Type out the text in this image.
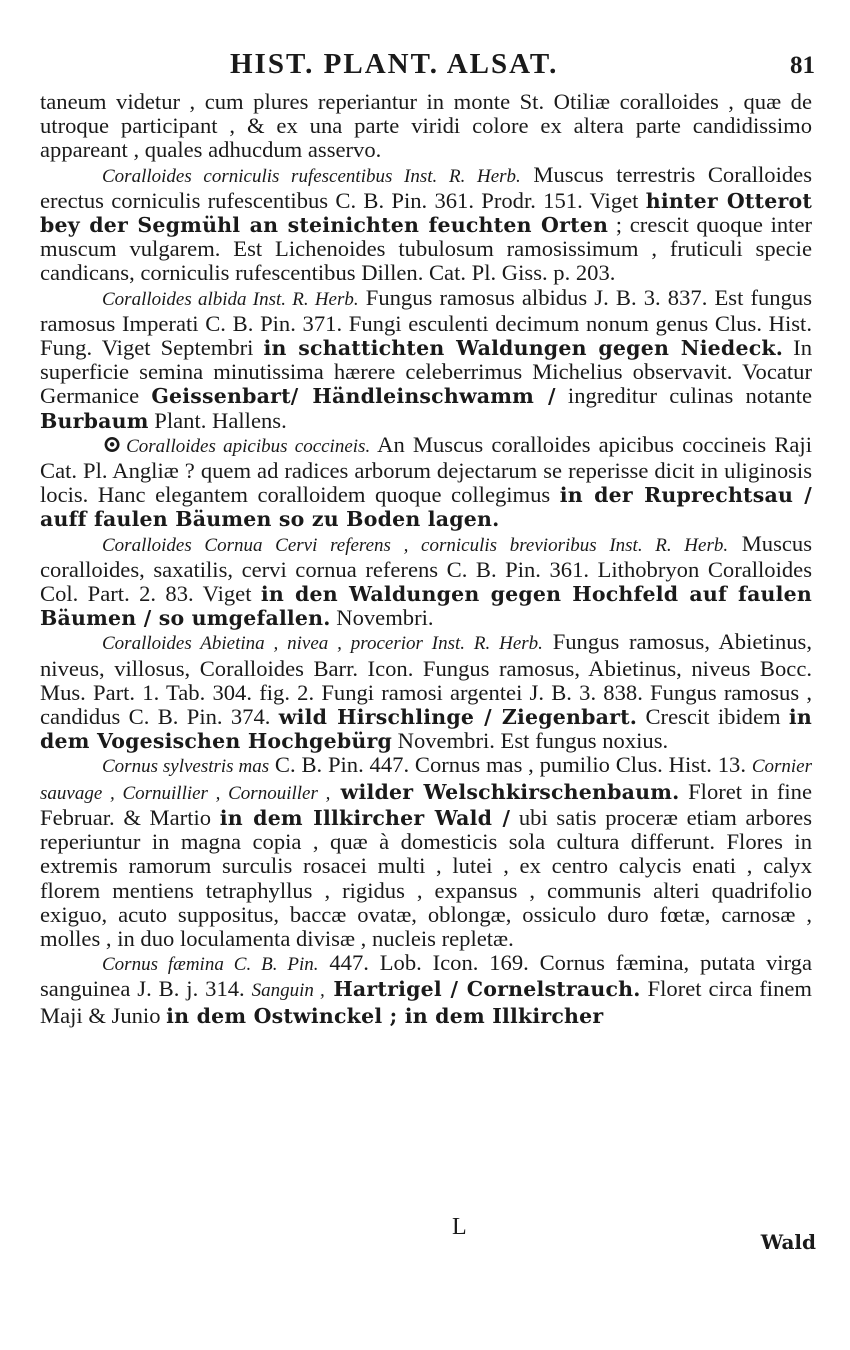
HIST. PLANT. ALSAT.	81

taneum videtur , cum plures reperiantur in monte St. Otiliæ coralloides , quæ de utroque participant , & ex una parte viridi colore ex altera parte candidissimo appareant , quales adhucdum asservo.

Coralloides corniculis rufescentibus Inst. R. Herb. Muscus terrestris Coralloides erectus corniculis rufescentibus C. B. Pin. 361. Prodr. 151. Viget hinter Otterot bey der Segmühl an steinichten feuchten Orten ; crescit quoque inter muscum vulgarem. Est Lichenoides tubulosum ramosissimum , fruticuli specie candicans, corniculis rufescentibus Dillen. Cat. Pl. Giss. p. 203.

Coralloides albida Inst. R. Herb. Fungus ramosus albidus J. B. 3. 837. Est fungus ramosus Imperati C. B. Pin. 371. Fungi esculenti decimum nonum genus Clus. Hist. Fung. Viget Septembri in schattichten Waldungen gegen Niedeck. In superficie semina minutissima hærere celeberrimus Michelius observavit. Vocatur Germanice Geissenbart/ Händleinschwamm / ingreditur culinas notante Burbaum Plant. Hallens.

⊙ Coralloides apicibus coccineis. An Muscus coralloides apicibus coccineis Raji Cat. Pl. Angliæ ? quem ad radices arborum dejectarum se reperisse dicit in uliginosis locis. Hanc elegantem coralloidem quoque collegimus in der Ruprechtsau / auff faulen Bäumen so zu Boden lagen.

Coralloides Cornua Cervi referens , corniculis brevioribus Inst. R. Herb. Muscus coralloides, saxatilis, cervi cornua referens C. B. Pin. 361. Lithobryon Coralloides Col. Part. 2. 83. Viget in den Waldungen gegen Hochfeld auf faulen Bäumen / so umgefallen. Novembri.

Coralloides Abietina , nivea , procerior Inst. R. Herb. Fungus ramosus, Abietinus, niveus, villosus, Coralloides Barr. Icon. Fungus ramosus, Abietinus, niveus Bocc. Mus. Part. 1. Tab. 304. fig. 2. Fungi ramosi argentei J. B. 3. 838. Fungus ramosus , candidus C. B. Pin. 374. wild Hirschlinge / Ziegenbart. Crescit ibidem in dem Vogesischen Hochgebürg Novembri. Est fungus noxius.

Cornus sylvestris mas C. B. Pin. 447. Cornus mas , pumilio Clus. Hist. 13. Cornier sauvage , Cornuillier , Cornouiller , wilder Welschkirschenbaum. Floret in fine Februar. & Martio in dem Illkircher Wald / ubi satis proceræ etiam arbores reperiuntur in magna copia , quæ à domesticis sola cultura differunt. Flores in extremis ramorum surculis rosacei multi , lutei , ex centro calycis enati , calyx florem mentiens tetraphyllus , rigidus , expansus , communis alteri quadrifolio exiguo, acuto suppositus, baccæ ovatæ, oblongæ, ossiculo duro fœtæ, carnosæ , molles , in duo loculamenta divisæ , nucleis repletæ.

Cornus fæmina C. B. Pin. 447. Lob. Icon. 169. Cornus fæmina, putata virga sanguinea J. B. j. 314. Sanguin , Hartrigel / Cornelstrauch. Floret circa finem Maji & Junio in dem Ostwinckel ; in dem Illkircher

L
Wald
